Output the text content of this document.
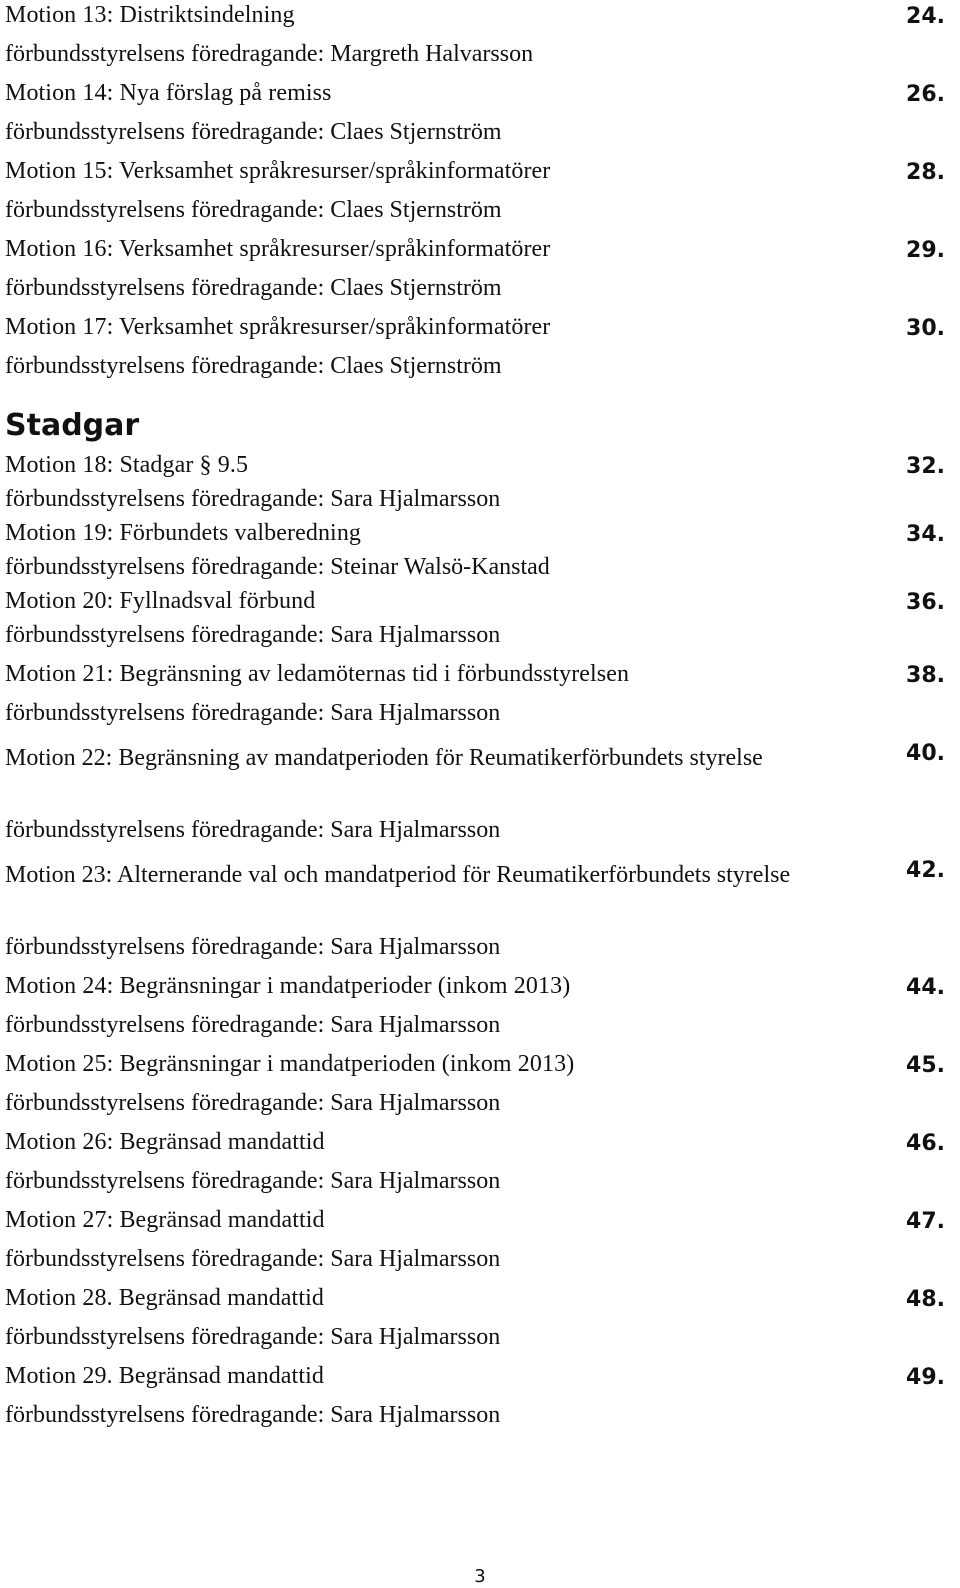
Motion 13: Distriktsindelning	24.
förbundsstyrelsens föredragande: Margreth Halvarsson
Motion 14: Nya förslag på remiss	26.
förbundsstyrelsens föredragande: Claes Stjernström
Motion 15: Verksamhet språkresurser/språkinformatörer	28.
förbundsstyrelsens föredragande: Claes Stjernström
Motion 16: Verksamhet språkresurser/språkinformatörer	29.
förbundsstyrelsens föredragande: Claes Stjernström
Motion 17: Verksamhet språkresurser/språkinformatörer	30.
förbundsstyrelsens föredragande: Claes Stjernström
Stadgar
Motion 18: Stadgar § 9.5	32.
förbundsstyrelsens föredragande: Sara Hjalmarsson
Motion 19: Förbundets valberedning	34.
förbundsstyrelsens föredragande: Steinar Walsö-Kanstad
Motion 20: Fyllnadsval förbund	36.
förbundsstyrelsens föredragande: Sara Hjalmarsson
Motion 21: Begränsning av ledamöternas tid i förbundsstyrelsen	38.
förbundsstyrelsens föredragande: Sara Hjalmarsson
Motion 22: Begränsning av mandatperioden för Reumatikerförbundets styrelse	40.
förbundsstyrelsens föredragande: Sara Hjalmarsson
Motion 23: Alternerande val och mandatperiod för Reumatikerförbundets styrelse	42.
förbundsstyrelsens föredragande: Sara Hjalmarsson
Motion 24: Begränsningar i mandatperioder (inkom 2013)	44.
förbundsstyrelsens föredragande: Sara Hjalmarsson
Motion 25: Begränsningar i mandatperioden (inkom 2013)	45.
förbundsstyrelsens föredragande: Sara Hjalmarsson
Motion 26: Begränsad mandattid	46.
förbundsstyrelsens föredragande: Sara Hjalmarsson
Motion 27: Begränsad mandattid	47.
förbundsstyrelsens föredragande: Sara Hjalmarsson
Motion 28. Begränsad mandattid	48.
förbundsstyrelsens föredragande: Sara Hjalmarsson
Motion 29. Begränsad mandattid	49.
förbundsstyrelsens föredragande: Sara Hjalmarsson
3
